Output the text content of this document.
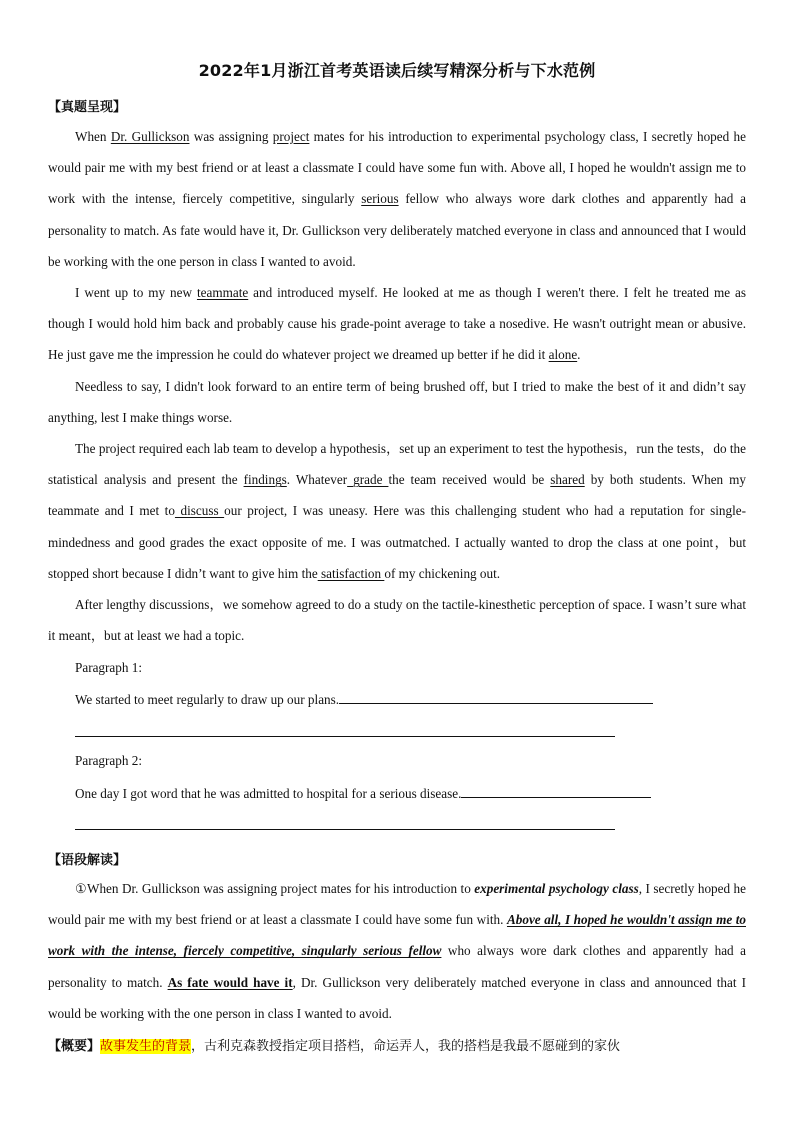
2022年1月浙江首考英语读后续写精深分析与下水范例
【真题呈现】

When Dr. Gullickson was assigning project mates for his introduction to experimental psychology class, I secretly hoped he would pair me with my best friend or at least a classmate I could have some fun with. Above all, I hoped he wouldn't assign me to work with the intense, fiercely competitive, singularly serious fellow who always wore dark clothes and apparently had a personality to match. As fate would have it, Dr. Gullickson very deliberately matched everyone in class and announced that I would be working with the one person in class I wanted to avoid.

I went up to my new teammate and introduced myself. He looked at me as though I weren't there. I felt he treated me as though I would hold him back and probably cause his grade-point average to take a nosedive. He wasn't outright mean or abusive. He just gave me the impression he could do whatever project we dreamed up better if he did it alone.

Needless to say, I didn't look forward to an entire term of being brushed off, but I tried to make the best of it and didn’t say anything, lest I make things worse.

The project required each lab team to develop a hypothesis，set up an experiment to test the hypothesis，run the tests，do the statistical analysis and present the findings. Whatever grade the team received would be shared by both students. When my teammate and I met to discuss our project, I was uneasy. Here was this challenging student who had a reputation for single-mindedness and good grades the exact opposite of me. I was outmatched. I actually wanted to drop the class at one point，but stopped short because I didn’t want to give him the satisfaction of my chickening out.

After lengthy discussions，we somehow agreed to do a study on the tactile-kinesthetic perception of space. I wasn’t sure what it meant，but at least we had a topic.

Paragraph 1:
We started to meet regularly to draw up our plans.
Paragraph 2:
One day I got word that he was admitted to hospital for a serious disease.
【语段解读】

①When Dr. Gullickson was assigning project mates for his introduction to experimental psychology class, I secretly hoped he would pair me with my best friend or at least a classmate I could have some fun with. Above all, I hoped he wouldn't assign me to work with the intense, fiercely competitive, singularly serious fellow who always wore dark clothes and apparently had a personality to match. As fate would have it, Dr. Gullickson very deliberately matched everyone in class and announced that I would be working with the one person in class I wanted to avoid.

【概要】故事发生的背景，古利克森教授指定项目搭档，命运弄人，我的搭档是我最不愿碰到的家伙
